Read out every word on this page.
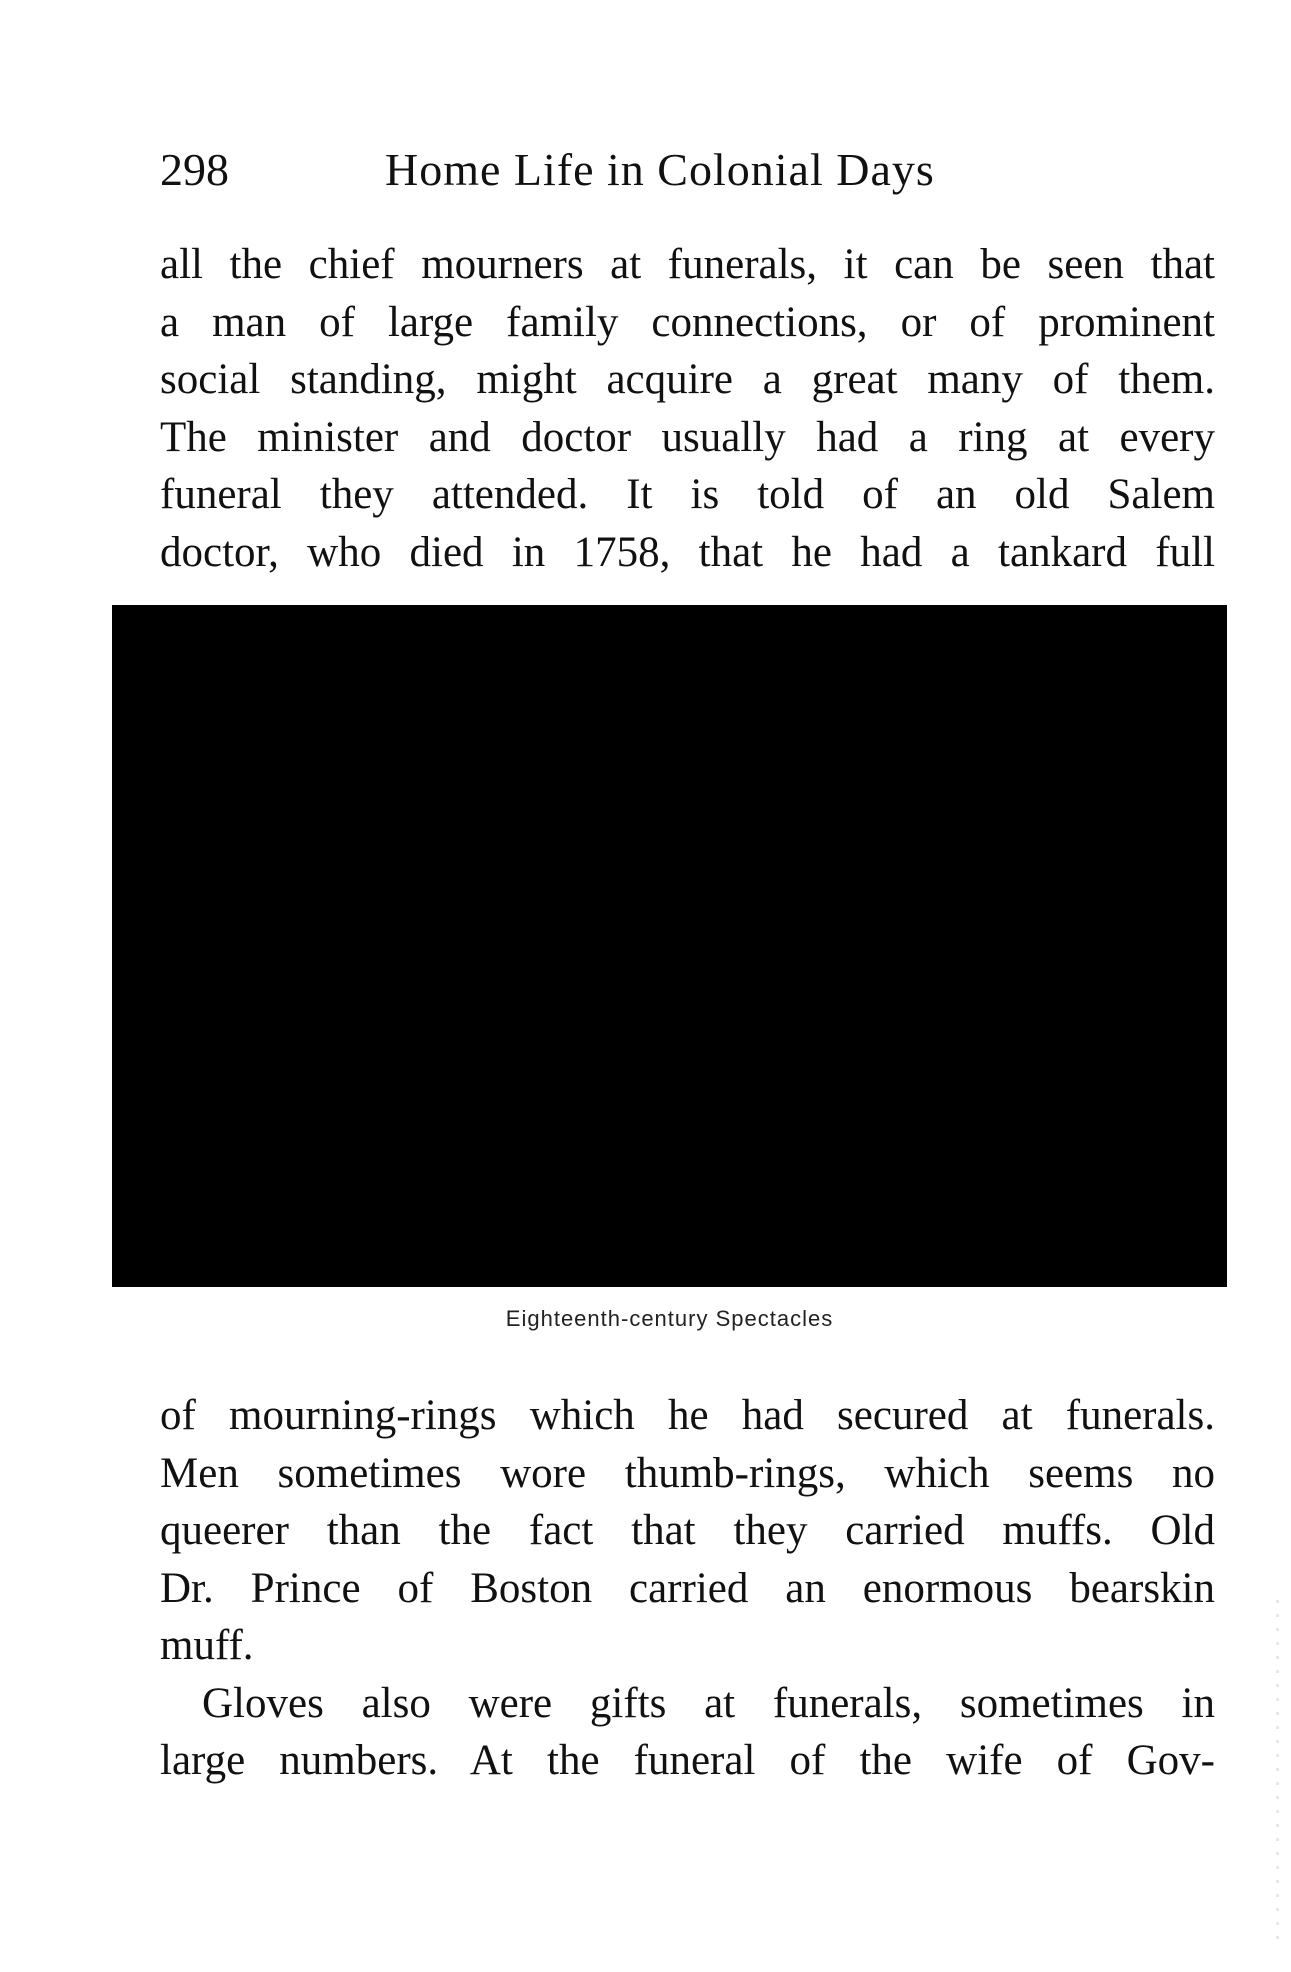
298	Home Life in Colonial Days
all the chief mourners at funerals, it can be seen that
a man of large family connections, or of prominent
social standing, might acquire a great many of them.
The minister and doctor usually had a ring at every
funeral they attended. It is told of an old Salem
doctor, who died in 1758, that he had a tankard full
Eighteenth-century Spectacles
of mourning-rings which he had secured at funerals.
Men sometimes wore thumb-rings, which seems no
queerer than the fact that they carried muffs. Old
Dr. Prince of Boston carried an enormous bearskin
muff.
Gloves also were gifts at funerals, sometimes in
large numbers. At the funeral of the wife of Gov-
